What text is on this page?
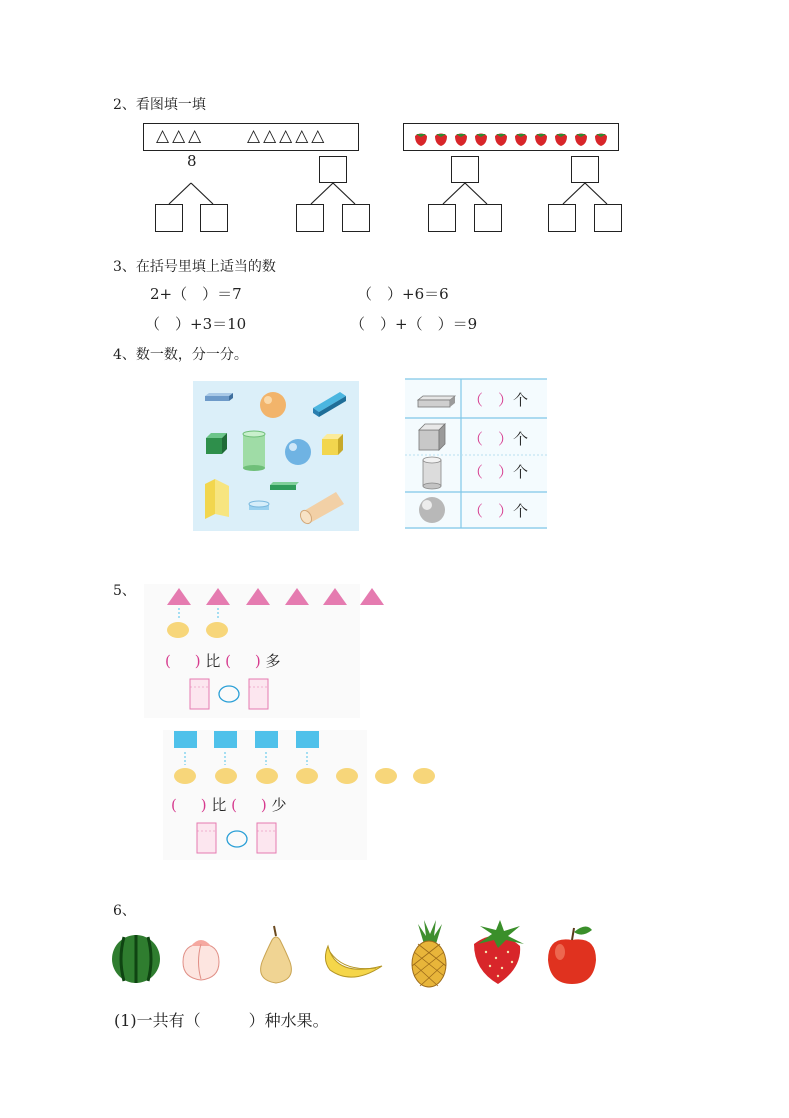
2、看图填一填
△△△	△△△△△
8
3、在括号里填上适当的数
2+（　）＝7	（　）+6＝6
（　）+3＝10	（　）+（　）＝9
4、数一数，分一分。
（　）个
（　）个
（　）个
（　）个
5、
( ) 比 ( ) 多
( ) 比 ( ) 少
6、
(1)一共有（　　　）种水果。
